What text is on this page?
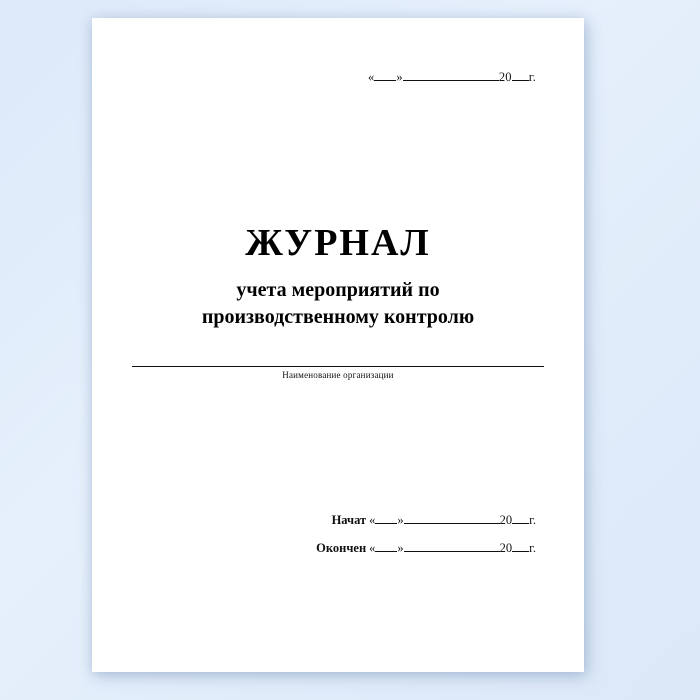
« »	20 г.
ЖУРНАЛ
учета мероприятий по
производственному контролю
Наименование организации
Начат « »	20 г.
Окончен « »	20 г.
